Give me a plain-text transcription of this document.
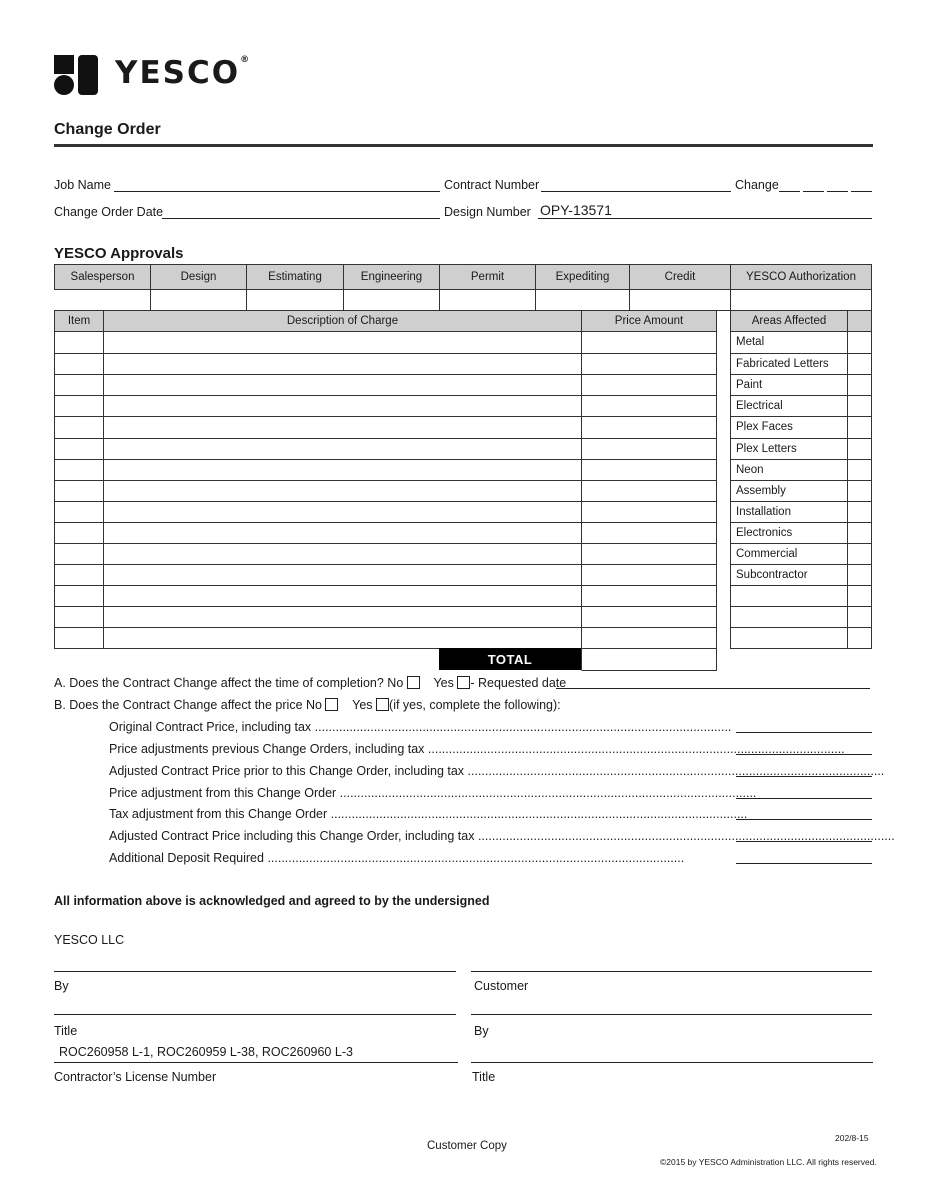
YESCO®
Change Order
Job Name	Contract Number	Change
Change Order Date	Design Number OPY-13571
YESCO Approvals
Salesperson	Design	Estimating	Engineering	Permit	Expediting	Credit	YESCO Authorization
Item	Description of Charge	Price Amount
TOTAL
Areas Affected
Metal
Fabricated Letters
Paint
Electrical
Plex Faces
Plex Letters
Neon
Assembly
Installation
Electronics
Commercial
Subcontractor
A. Does the Contract Change affect the time of completion? No Yes - Requested date
B. Does the Contract Change affect the price No Yes (if yes, complete the following):
Original Contract Price, including tax ........................................................................................................................
Price adjustments previous Change Orders, including tax ........................................................................................................................
Adjusted Contract Price prior to this Change Order, including tax ........................................................................................................................
Price adjustment from this Change Order ........................................................................................................................
Tax adjustment from this Change Order ........................................................................................................................
Adjusted Contract Price including this Change Order, including tax ........................................................................................................................
Additional Deposit Required ........................................................................................................................
All information above is acknowledged and agreed to by the undersigned
YESCO LLC
By	Customer
Title	By
ROC260958 L-1, ROC260959 L-38, ROC260960 L-3
Contractor’s License Number	Title
202/8-15
Customer Copy
©2015 by YESCO Administration LLC. All rights reserved.
